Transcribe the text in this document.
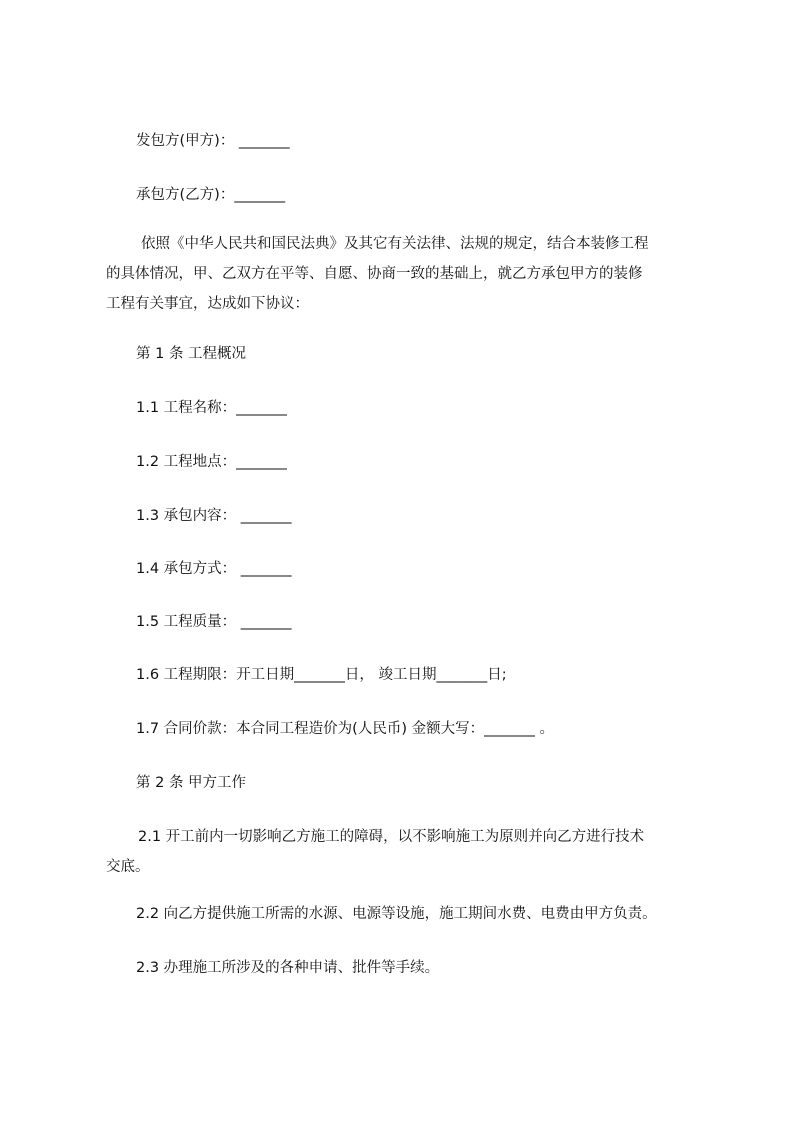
发包方(甲方)： _______
承包方(乙方)：_______
依照《中华人民共和国民法典》及其它有关法律、法规的规定，结合本装修工程
的具体情况，甲、乙双方在平等、自愿、协商一致的基础上，就乙方承包甲方的装修
工程有关事宜，达成如下协议：
第 1 条 工程概况
1.1 工程名称：_______
1.2 工程地点：_______
1.3 承包内容： _______
1.4 承包方式： _______
1.5 工程质量： _______
1.6 工程期限：开工日期_______日， 竣工日期_______日;
1.7 合同价款：本合同工程造价为(人民币) 金额大写：_______ 。
第 2 条 甲方工作
2.1 开工前内一切影响乙方施工的障碍，以不影响施工为原则并向乙方进行技术
交底。
2.2 向乙方提供施工所需的水源、电源等设施，施工期间水费、电费由甲方负责。
2.3 办理施工所涉及的各种申请、批件等手续。
